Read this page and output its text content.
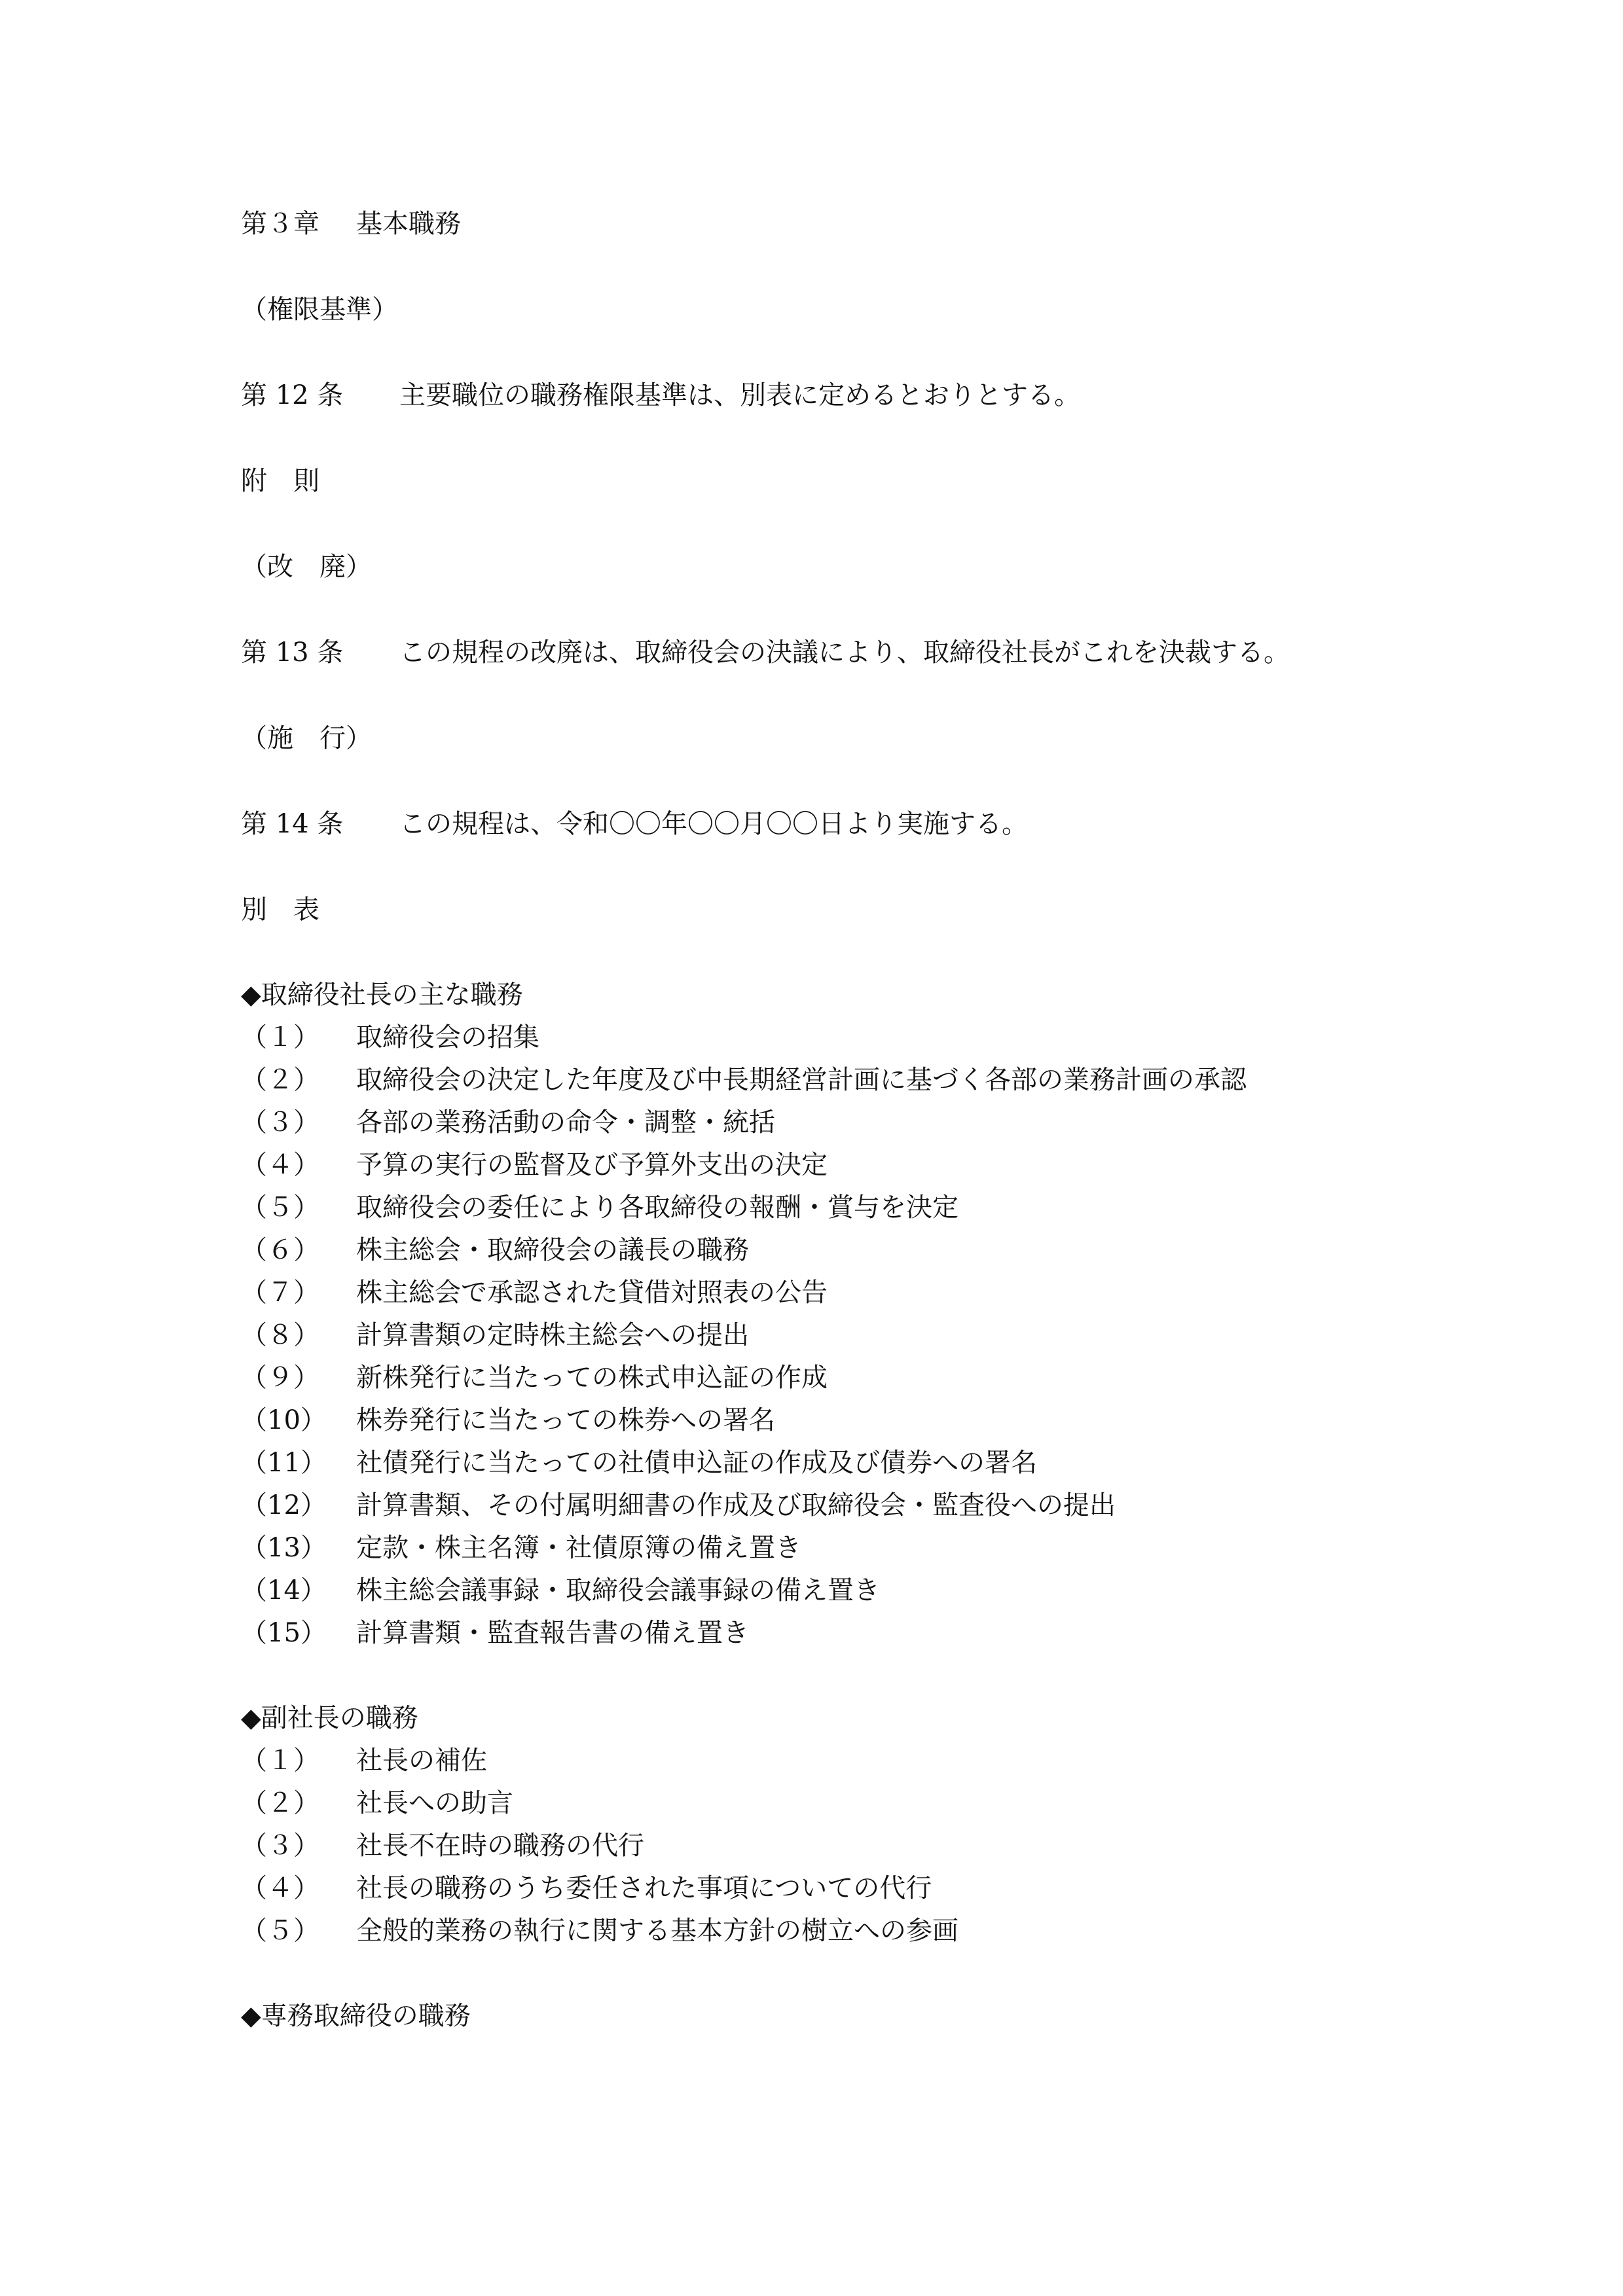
第３章 基本職務
（権限基準）
第 12 条 主要職位の職務権限基準は、別表に定めるとおりとする。
附　則
（改　廃）
第 13 条 この規程の改廃は、取締役会の決議により、取締役社長がこれを決裁する。
（施　行）
第 14 条 この規程は、令和〇〇年〇〇月〇〇日より実施する。
別　表
◆取締役社長の主な職務
（１） 取締役会の招集
（２） 取締役会の決定した年度及び中長期経営計画に基づく各部の業務計画の承認
（３） 各部の業務活動の命令・調整・統括
（４） 予算の実行の監督及び予算外支出の決定
（５） 取締役会の委任により各取締役の報酬・賞与を決定
（６） 株主総会・取締役会の議長の職務
（７） 株主総会で承認された貸借対照表の公告
（８） 計算書類の定時株主総会への提出
（９） 新株発行に当たっての株式申込証の作成
（10） 株券発行に当たっての株券への署名
（11） 社債発行に当たっての社債申込証の作成及び債券への署名
（12） 計算書類、その付属明細書の作成及び取締役会・監査役への提出
（13） 定款・株主名簿・社債原簿の備え置き
（14） 株主総会議事録・取締役会議事録の備え置き
（15） 計算書類・監査報告書の備え置き
◆副社長の職務
（１） 社長の補佐
（２） 社長への助言
（３） 社長不在時の職務の代行
（４） 社長の職務のうち委任された事項についての代行
（５） 全般的業務の執行に関する基本方針の樹立への参画
◆専務取締役の職務
